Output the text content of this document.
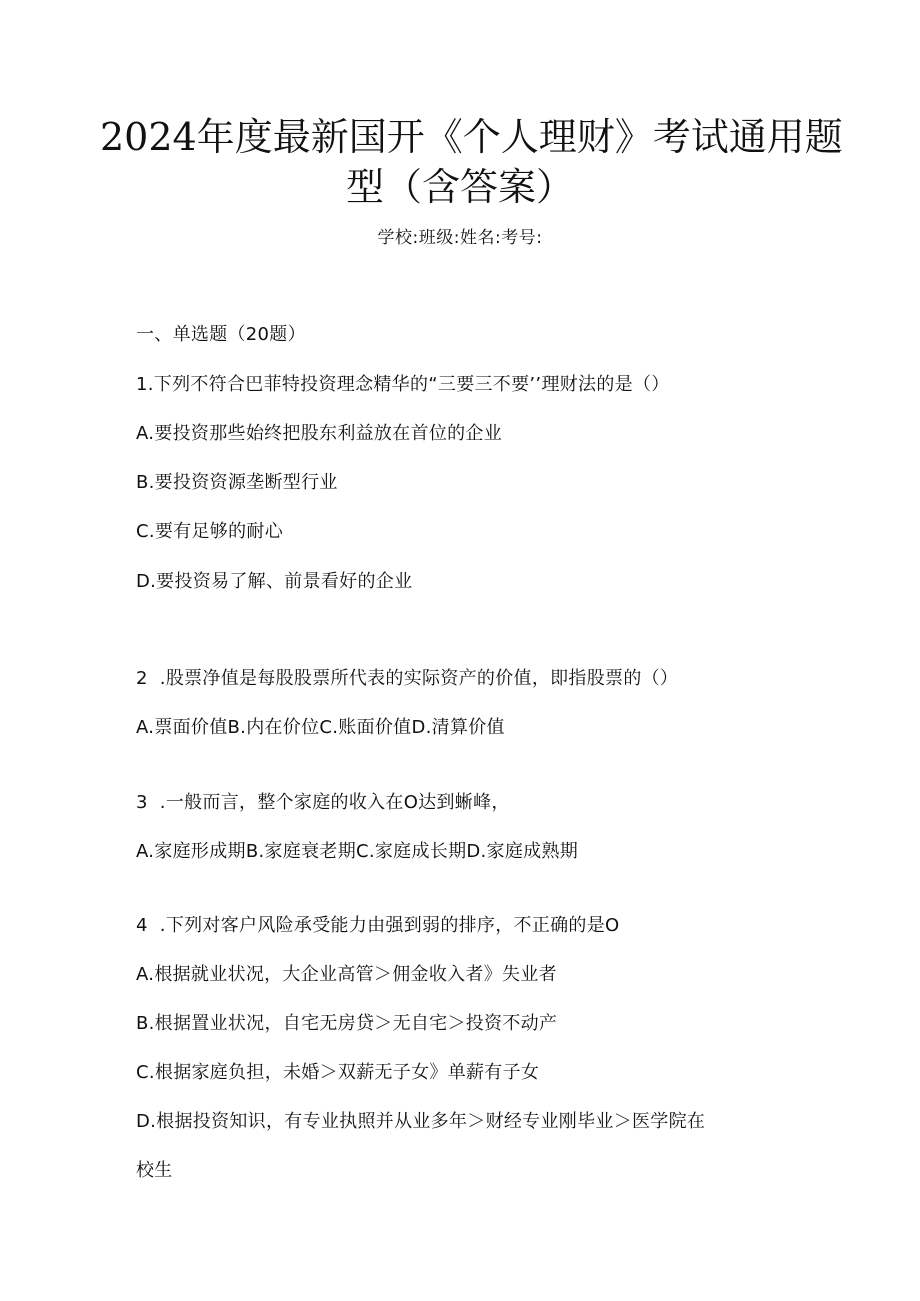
2024年度最新国开《个人理财》考试通用题
型（含答案）
学校:班级:姓名:考号:
一、单选题（20题）
1.下列不符合巴菲特投资理念精华的“三要三不要’’理财法的是（）
A.要投资那些始终把股东利益放在首位的企业
B.要投资资源垄断型行业
C.要有足够的耐心
D.要投资易了解、前景看好的企业
2  .股票净值是每股股票所代表的实际资产的价值，即指股票的（）
A.票面价值B.内在价位C.账面价值D.清算价值
3  .一般而言，整个家庭的收入在O达到蜥峰，
A.家庭形成期B.家庭衰老期C.家庭成长期D.家庭成熟期
4  .下列对客户风险承受能力由强到弱的排序，不正确的是O
A.根据就业状况，大企业高管＞佣金收入者》失业者
B.根据置业状况，自宅无房贷＞无自宅＞投资不动产
C.根据家庭负担，未婚＞双薪无子女》单薪有子女
D.根据投资知识，有专业执照并从业多年＞财经专业刚毕业＞医学院在
校生
